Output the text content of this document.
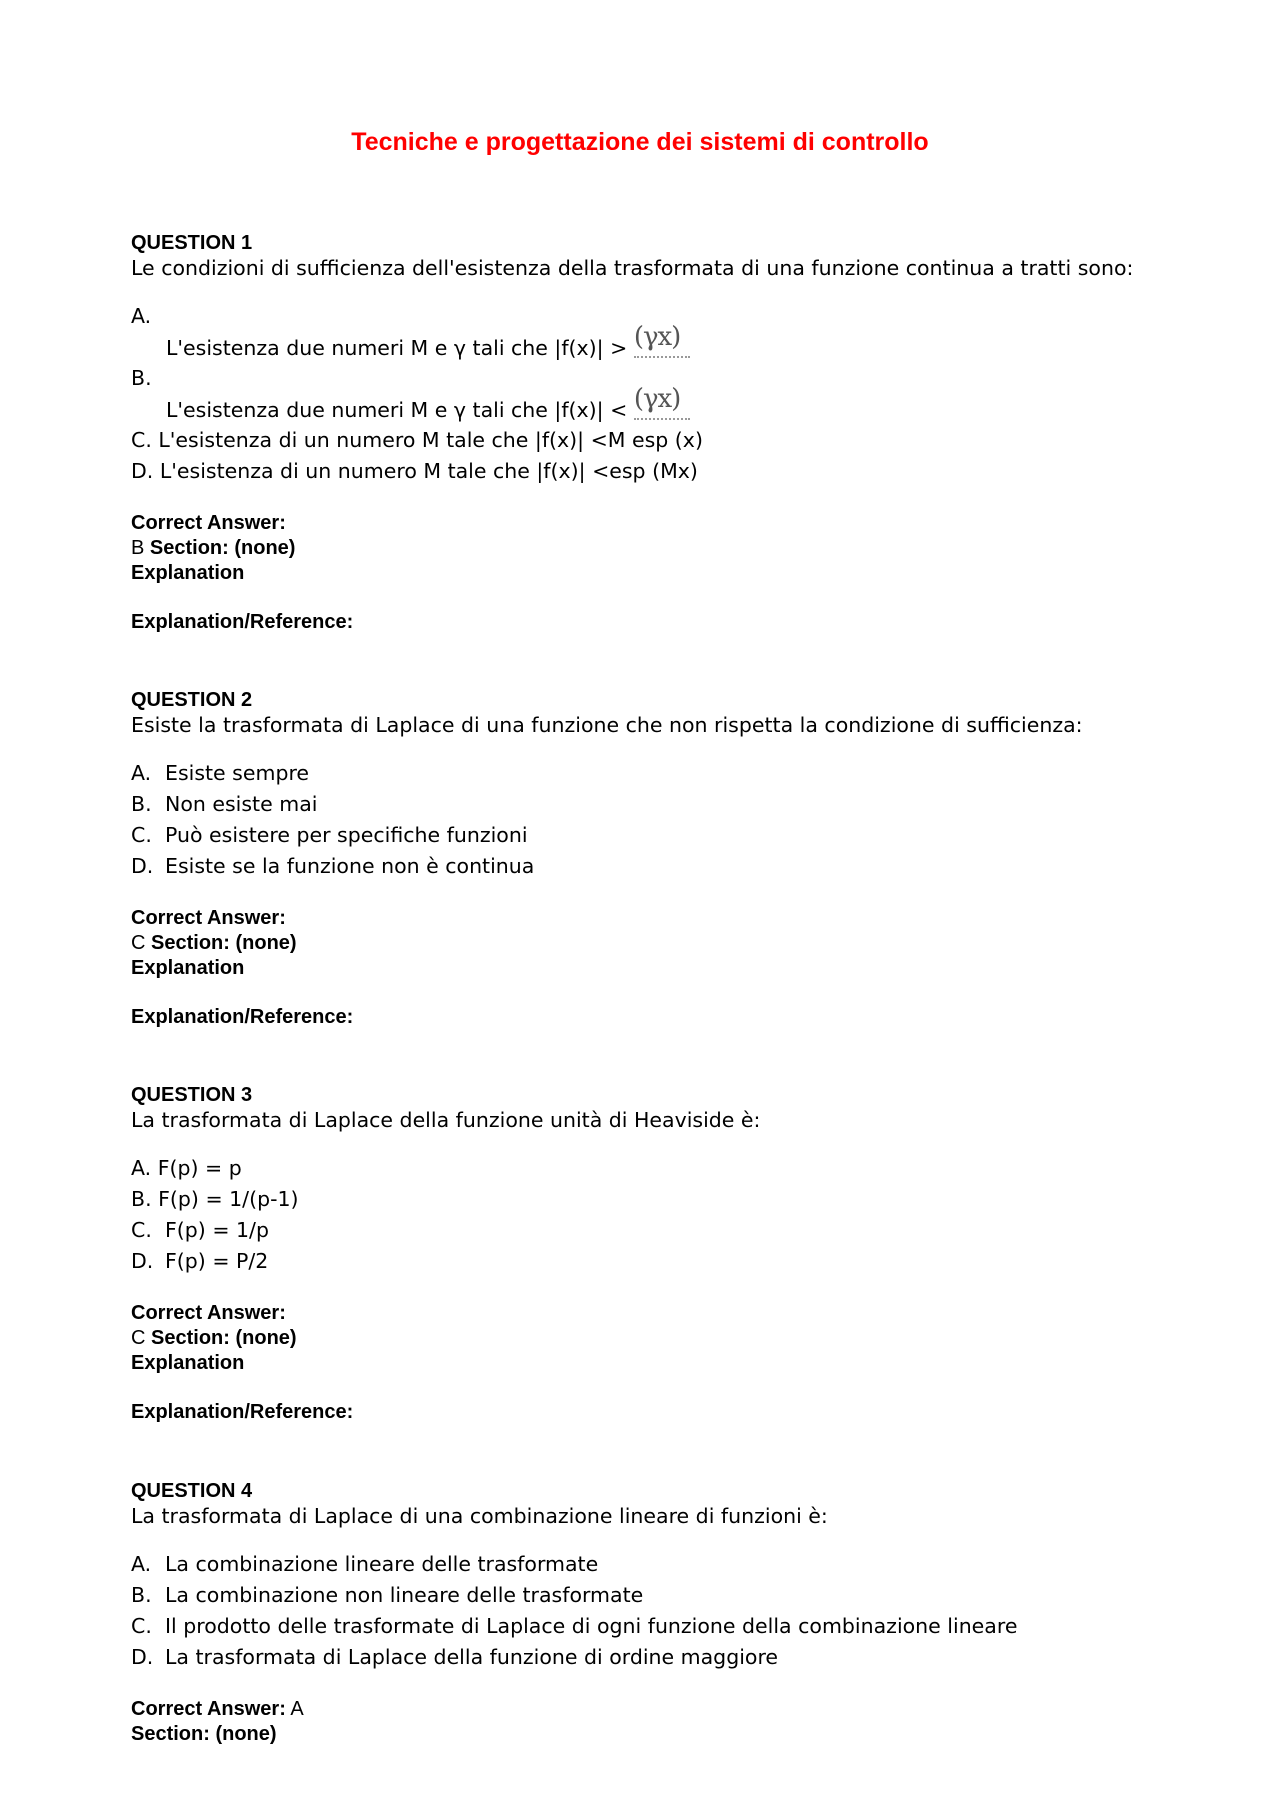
Tecniche e progettazione dei sistemi di controllo
QUESTION 1
Le condizioni di sufficienza dell'esistenza della trasformata di una funzione continua a tratti sono:
A.
L'esistenza due numeri M e γ tali che |f(x)| > (γx)
B.
L'esistenza due numeri M e γ tali che |f(x)| < (γx)
C. L'esistenza di un numero M tale che |f(x)| <M esp (x)
D. L'esistenza di un numero M tale che |f(x)| <esp (Mx)
Correct Answer:
B Section: (none)
Explanation
Explanation/Reference:
QUESTION 2
Esiste la trasformata di Laplace di una funzione che non rispetta la condizione di sufficienza:
A. Esiste sempre
B. Non esiste mai
C. Può esistere per specifiche funzioni
D. Esiste se la funzione non è continua
Correct Answer:
C Section: (none)
Explanation
Explanation/Reference:
QUESTION 3
La trasformata di Laplace della funzione unità di Heaviside è:
A. F(p) = p
B. F(p) = 1/(p-1)
C. F(p) = 1/p
D. F(p) = P/2
Correct Answer:
C Section: (none)
Explanation
Explanation/Reference:
QUESTION 4
La trasformata di Laplace di una combinazione lineare di funzioni è:
A. La combinazione lineare delle trasformate
B. La combinazione non lineare delle trasformate
C. Il prodotto delle trasformate di Laplace di ogni funzione della combinazione lineare
D. La trasformata di Laplace della funzione di ordine maggiore
Correct Answer: A
Section: (none)
